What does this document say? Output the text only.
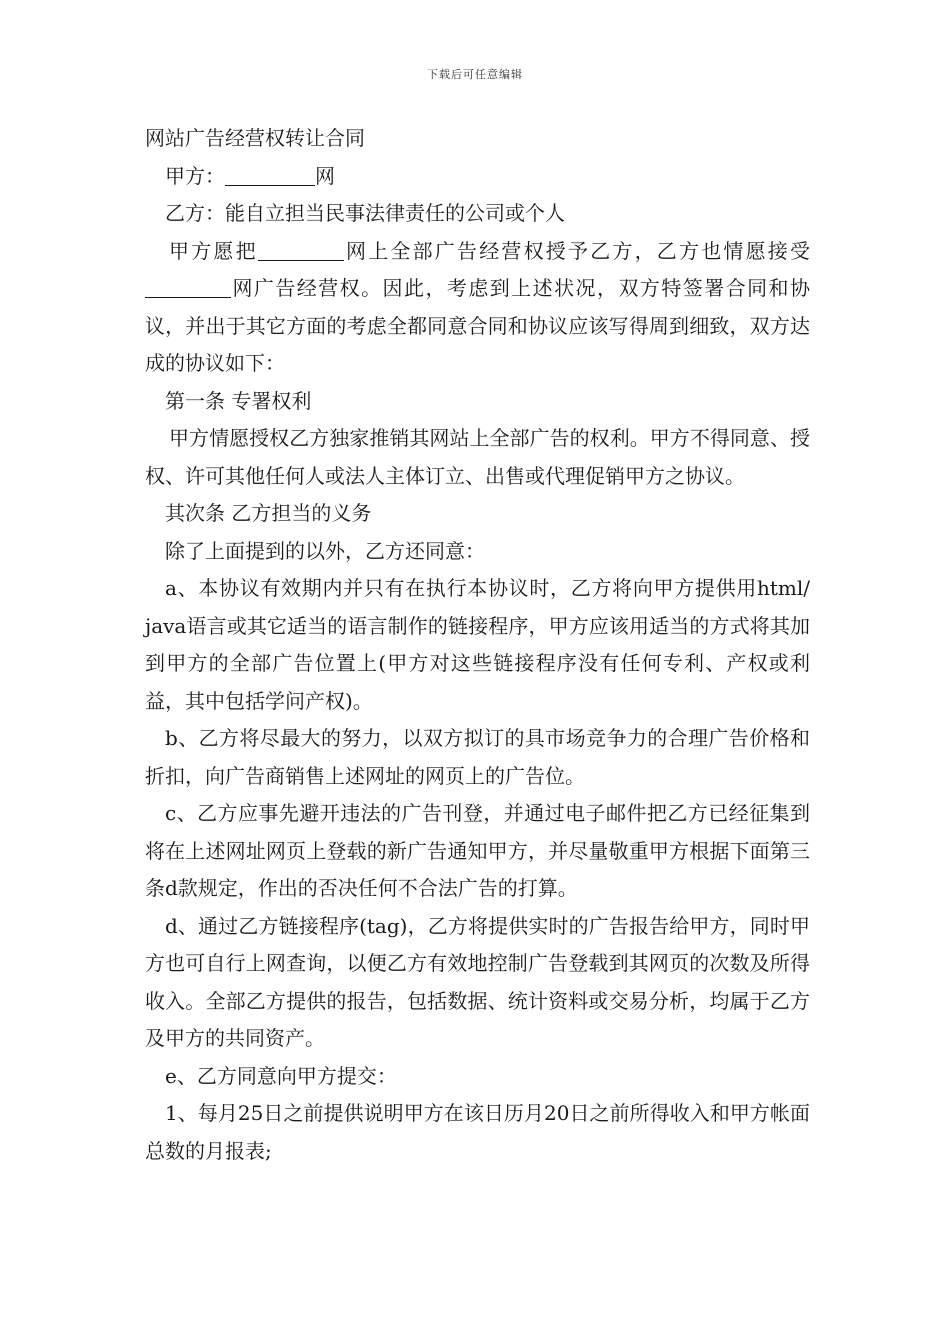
下载后可任意编辑

网站广告经营权转让合同

甲方：	网

乙方：能自立担当民事法律责任的公司或个人

甲方愿把	网上全部广告经营权授予乙方，乙方也情愿接受网广告经营权。因此，考虑到上述状况，双方特签署合同和协议，并出于其它方面的考虑全都同意合同和协议应该写得周到细致，双方达成的协议如下：

第一条 专署权利

甲方情愿授权乙方独家推销其网站上全部广告的权利。甲方不得同意、授权、许可其他任何人或法人主体订立、出售或代理促销甲方之协议。

其次条 乙方担当的义务

除了上面提到的以外，乙方还同意：

a、本协议有效期内并只有在执行本协议时，乙方将向甲方提供用html/ java语言或其它适当的语言制作的链接程序，甲方应该用适当的方式将其加到甲方的全部广告位置上(甲方对这些链接程序没有任何专利、产权或利益，其中包括学问产权)。

b、乙方将尽最大的努力，以双方拟订的具市场竞争力的合理广告价格和折扣，向广告商销售上述网址的网页上的广告位。

c、乙方应事先避开违法的广告刊登，并通过电子邮件把乙方已经征集到将在上述网址网页上登载的新广告通知甲方，并尽量敬重甲方根据下面第三条d款规定，作出的否决任何不合法广告的打算。

d、通过乙方链接程序(tag)，乙方将提供实时的广告报告给甲方，同时甲方也可自行上网查询，以便乙方有效地控制广告登载到其网页的次数及所得收入。全部乙方提供的报告，包括数据、统计资料或交易分析，均属于乙方及甲方的共同资产。

e、乙方同意向甲方提交：

1、每月25日之前提供说明甲方在该日历月20日之前所得收入和甲方帐面总数的月报表;
